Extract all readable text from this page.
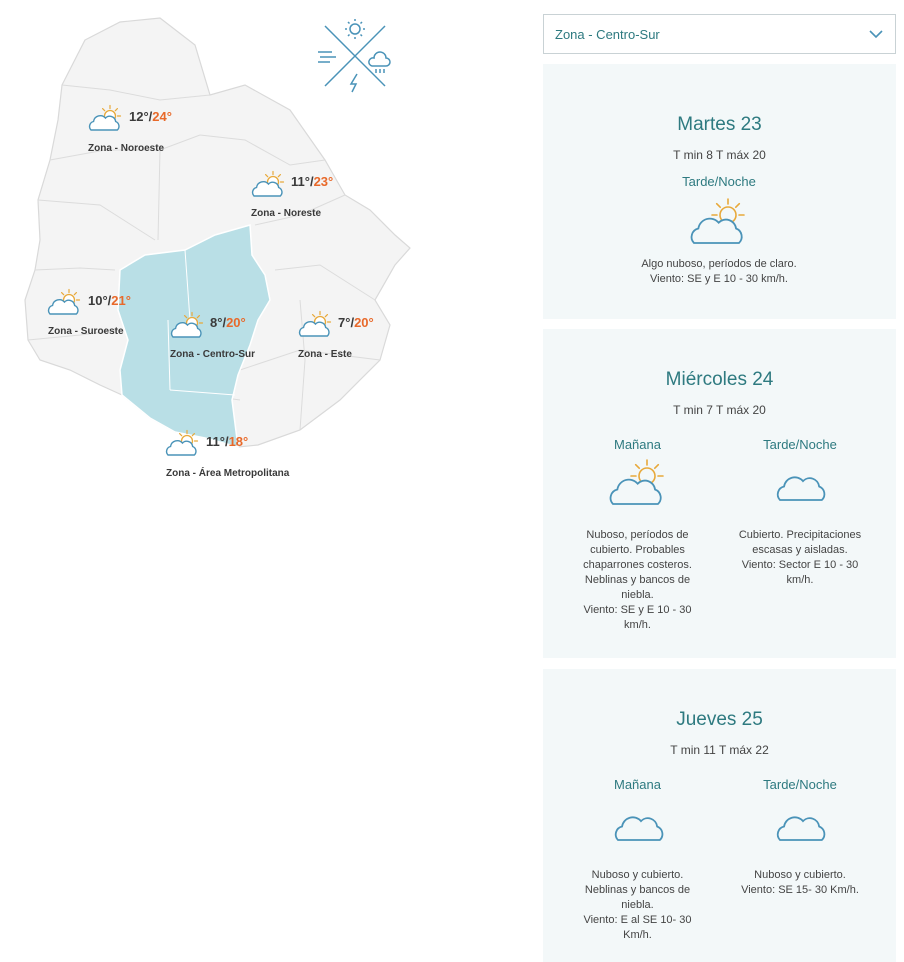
12°/24°
Zona - Noroeste
11°/23°
Zona - Noreste
10°/21°
Zona - Suroeste
8°/20°
Zona - Centro-Sur
7°/20°
Zona - Este
11°/18°
Zona - Área Metropolitana
Zona - Centro-Sur
Martes 23
T min 8 T máx 20
Tarde/Noche
Algo nuboso, períodos de claro.
Viento: SE y E 10 - 30 km/h.
Miércoles 24
T min 7 T máx 20
Mañana
Nuboso, períodos de
cubierto. Probables
chaparrones costeros.
Neblinas y bancos de
niebla.
Viento: SE y E 10 - 30
km/h.
Tarde/Noche
Cubierto. Precipitaciones
escasas y aisladas.
Viento: Sector E 10 - 30
km/h.
Jueves 25
T min 11 T máx 22
Mañana
Nuboso y cubierto.
Neblinas y bancos de
niebla.
Viento: E al SE 10- 30
Km/h.
Tarde/Noche
Nuboso y cubierto.
Viento: SE 15- 30 Km/h.
